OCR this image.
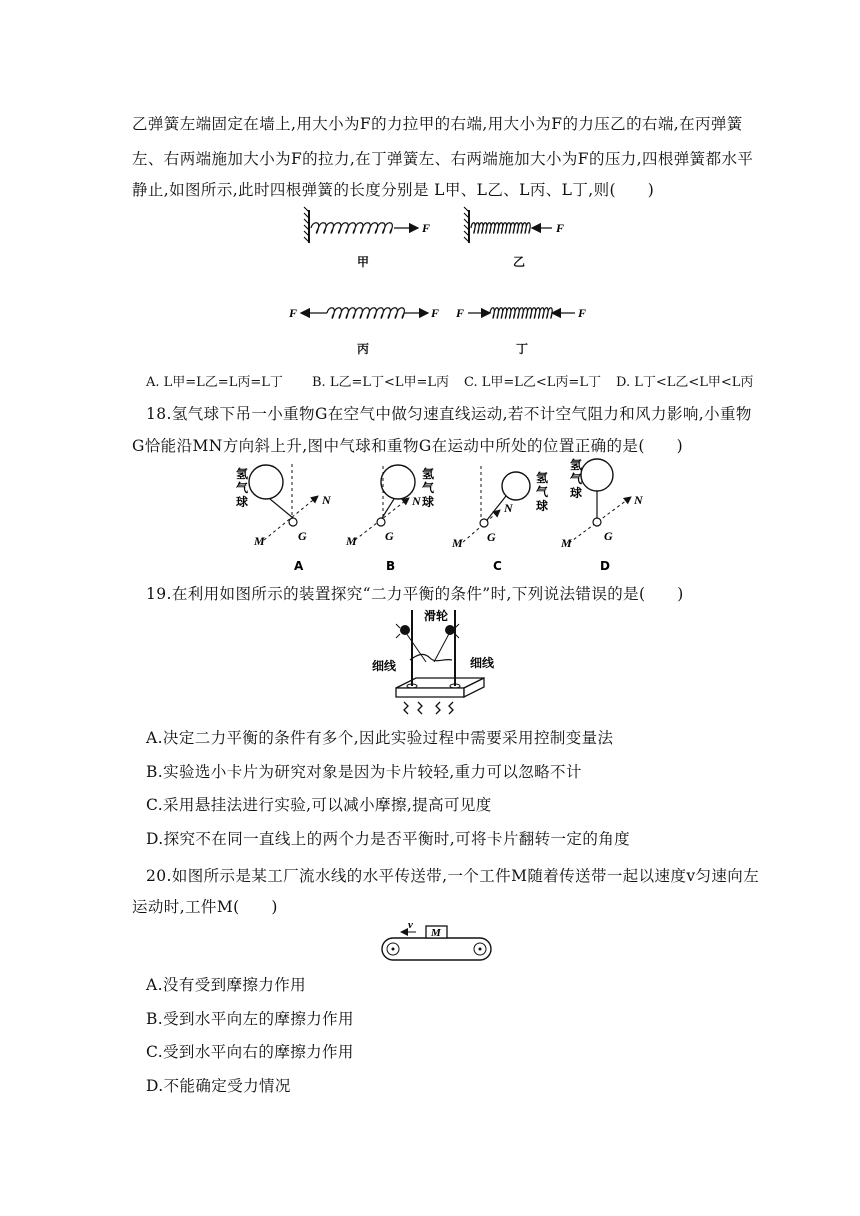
乙弹簧左端固定在墙上,用大小为F的力拉甲的右端,用大小为F的力压乙的右端,在丙弹簧
左、右两端施加大小为F的拉力,在丁弹簧左、右两端施加大小为F的压力,四根弹簧都水平
静止,如图所示,此时四根弹簧的长度分别是 L甲、L乙、L丙、L丁,则(　　)
F	F
F	F F	F
甲	乙
丙	丁
A. L甲=L乙=L丙=L丁 B. L乙=L丁<L甲=L丙 C. L甲=L乙<L丙=L丁 D. L丁<L乙<L甲<L丙
18.氢气球下吊一小重物G在空气中做匀速直线运动,若不计空气阻力和风力影响,小重物
G恰能沿MN方向斜上升,图中气球和重物G在运动中所处的位置正确的是(　　)
M
N
G
氢气球
A
M
N
G
氢气球
B
M
N
G
氢气球
C
M
N
G
氢气球
D
19.在利用如图所示的装置探究“二力平衡的条件”时,下列说法错误的是(　　)
滑轮
细线	细线
A.决定二力平衡的条件有多个,因此实验过程中需要采用控制变量法
B.实验选小卡片为研究对象是因为卡片较轻,重力可以忽略不计
C.采用悬挂法进行实验,可以减小摩擦,提高可见度
D.探究不在同一直线上的两个力是否平衡时,可将卡片翻转一定的角度
20.如图所示是某工厂流水线的水平传送带,一个工件M随着传送带一起以速度v匀速向左
运动时,工件M(　　)
v
M
A.没有受到摩擦力作用
B.受到水平向左的摩擦力作用
C.受到水平向右的摩擦力作用
D.不能确定受力情况
